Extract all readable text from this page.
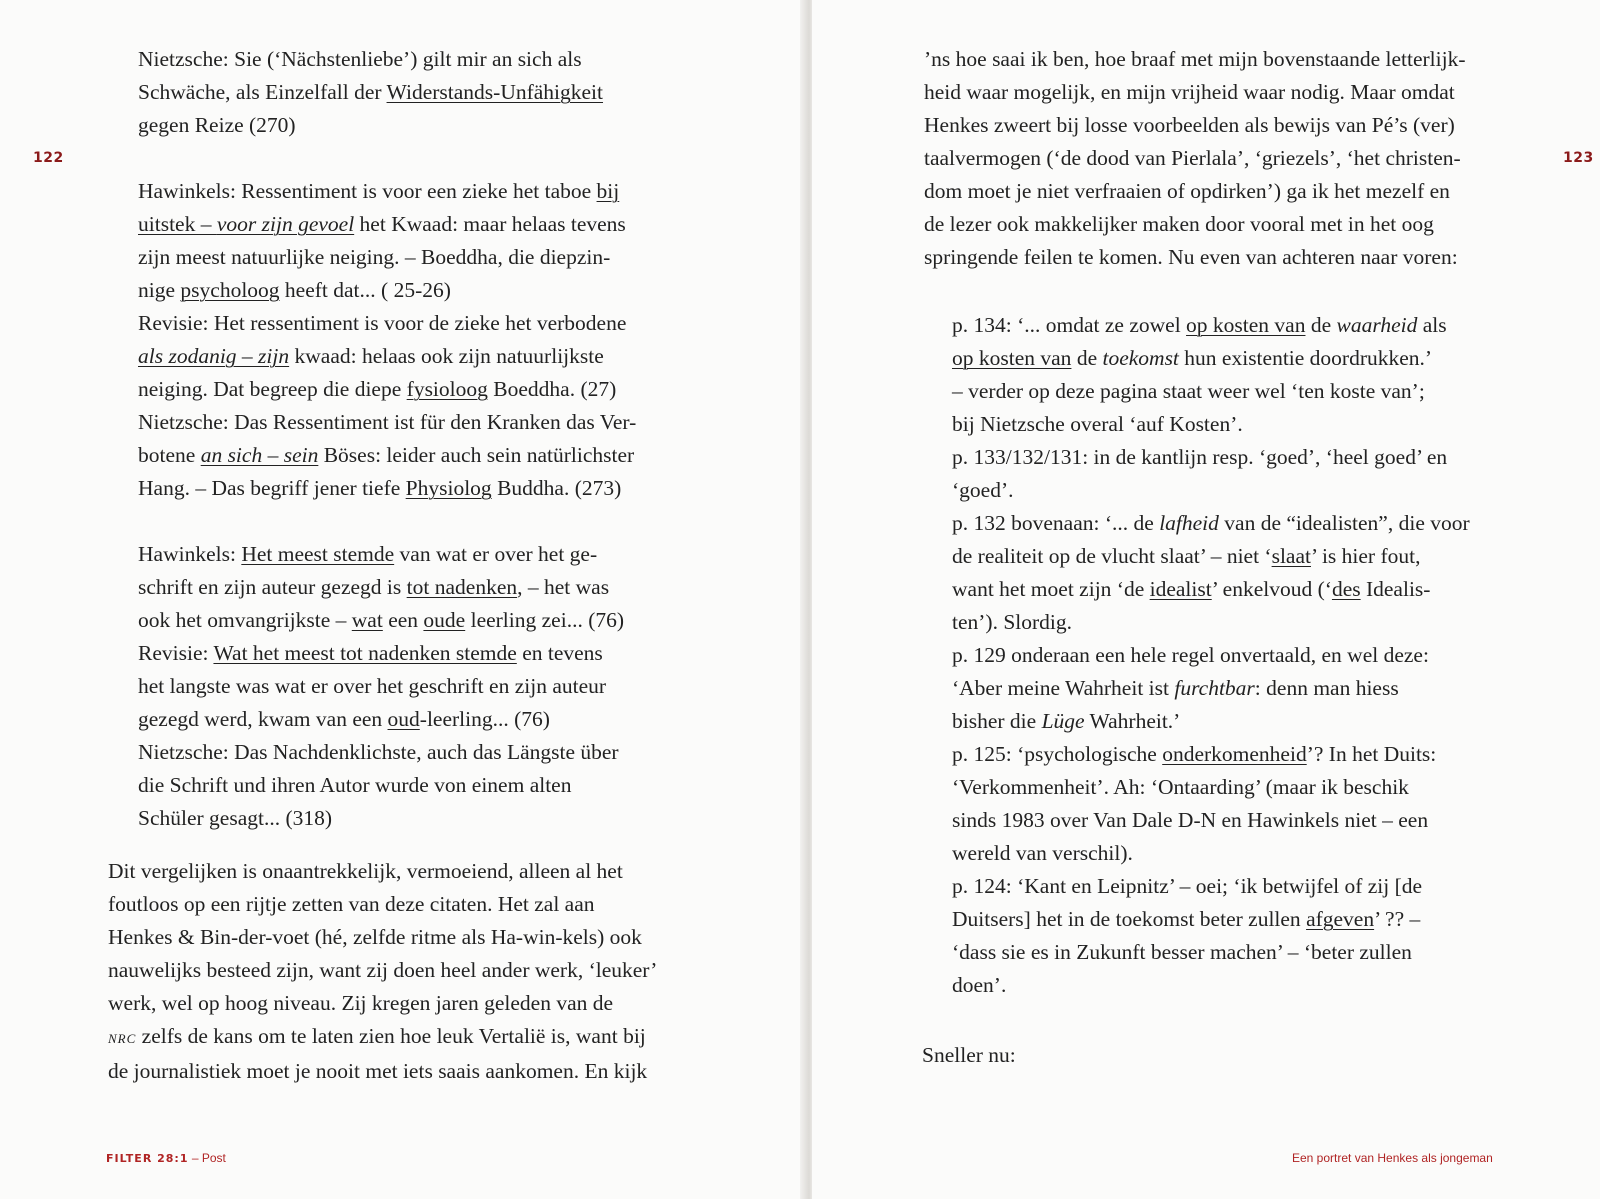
122

Nietzsche: Sie (‘Nächstenliebe’) gilt mir an sich als

Schwäche, als Einzelfall der Widerstands-Unfähigkeit

gegen Reize (270)

Hawinkels: Ressentiment is voor een zieke het taboe bij

uitstek – voor zijn gevoel het Kwaad: maar helaas tevens

zijn meest natuurlijke neiging. – Boeddha, die diepzin-

nige psycholoog heeft dat... ( 25-26)

Revisie: Het ressentiment is voor de zieke het verbodene

als zodanig – zijn kwaad: helaas ook zijn natuurlijkste

neiging. Dat begreep die diepe fysioloog Boeddha. (27)

Nietzsche: Das Ressentiment ist für den Kranken das Ver-

botene an sich – sein Böses: leider auch sein natürlichster

Hang. – Das begriff jener tiefe Physiolog Buddha. (273)

Hawinkels: Het meest stemde van wat er over het ge-

schrift en zijn auteur gezegd is tot nadenken, – het was

ook het omvangrijkste – wat een oude leerling zei... (76)

Revisie: Wat het meest tot nadenken stemde en tevens

het langste was wat er over het geschrift en zijn auteur

gezegd werd, kwam van een oud-leerling... (76)

Nietzsche: Das Nachdenklichste, auch das Längste über

die Schrift und ihren Autor wurde von einem alten

Schüler gesagt... (318)

Dit vergelijken is onaantrekkelijk, vermoeiend, alleen al het

foutloos op een rijtje zetten van deze citaten. Het zal aan

Henkes & Bin-der-voet (hé, zelfde ritme als Ha-win-kels) ook

nauwelijks besteed zijn, want zij doen heel ander werk, ‘leuker’

werk, wel op hoog niveau. Zij kregen jaren geleden van de

NRC zelfs de kans om te laten zien hoe leuk Vertalië is, want bij

de journalistiek moet je nooit met iets saais aankomen. En kijk

FILTER 28:1 – Post
123

’ns hoe saai ik ben, hoe braaf met mijn bovenstaande letterlijk-

heid waar mogelijk, en mijn vrijheid waar nodig. Maar omdat

Henkes zweert bij losse voorbeelden als bewijs van Pé’s (ver)

taalvermogen (‘de dood van Pierlala’, ‘griezels’, ‘het christen-

dom moet je niet verfraaien of opdirken’) ga ik het mezelf en

de lezer ook makkelijker maken door vooral met in het oog

springende feilen te komen. Nu even van achteren naar voren:

p. 134: ‘... omdat ze zowel op kosten van de waarheid als

op kosten van de toekomst hun existentie doordrukken.’

– verder op deze pagina staat weer wel ‘ten koste van’;

bij Nietzsche overal ‘auf Kosten’.

p. 133/132/131: in de kantlijn resp. ‘goed’, ‘heel goed’ en

‘goed’.

p. 132 bovenaan: ‘... de lafheid van de “idealisten”, die voor

de realiteit op de vlucht slaat’ – niet ‘slaat’ is hier fout,

want het moet zijn ‘de idealist’ enkelvoud (‘des Idealis-

ten’). Slordig.

p. 129 onderaan een hele regel onvertaald, en wel deze:

‘Aber meine Wahrheit ist furchtbar: denn man hiess

bisher die Lüge Wahrheit.’

p. 125: ‘psychologische onderkomenheid’? In het Duits:

‘Verkommenheit’. Ah: ‘Ontaarding’ (maar ik beschik

sinds 1983 over Van Dale D-N en Hawinkels niet – een

wereld van verschil).

p. 124: ‘Kant en Leipnitz’ – oei; ‘ik betwijfel of zij [de

Duitsers] het in de toekomst beter zullen afgeven’ ?? –

‘dass sie es in Zukunft besser machen’ – ‘beter zullen

doen’.

Sneller nu:

Een portret van Henkes als jongeman
